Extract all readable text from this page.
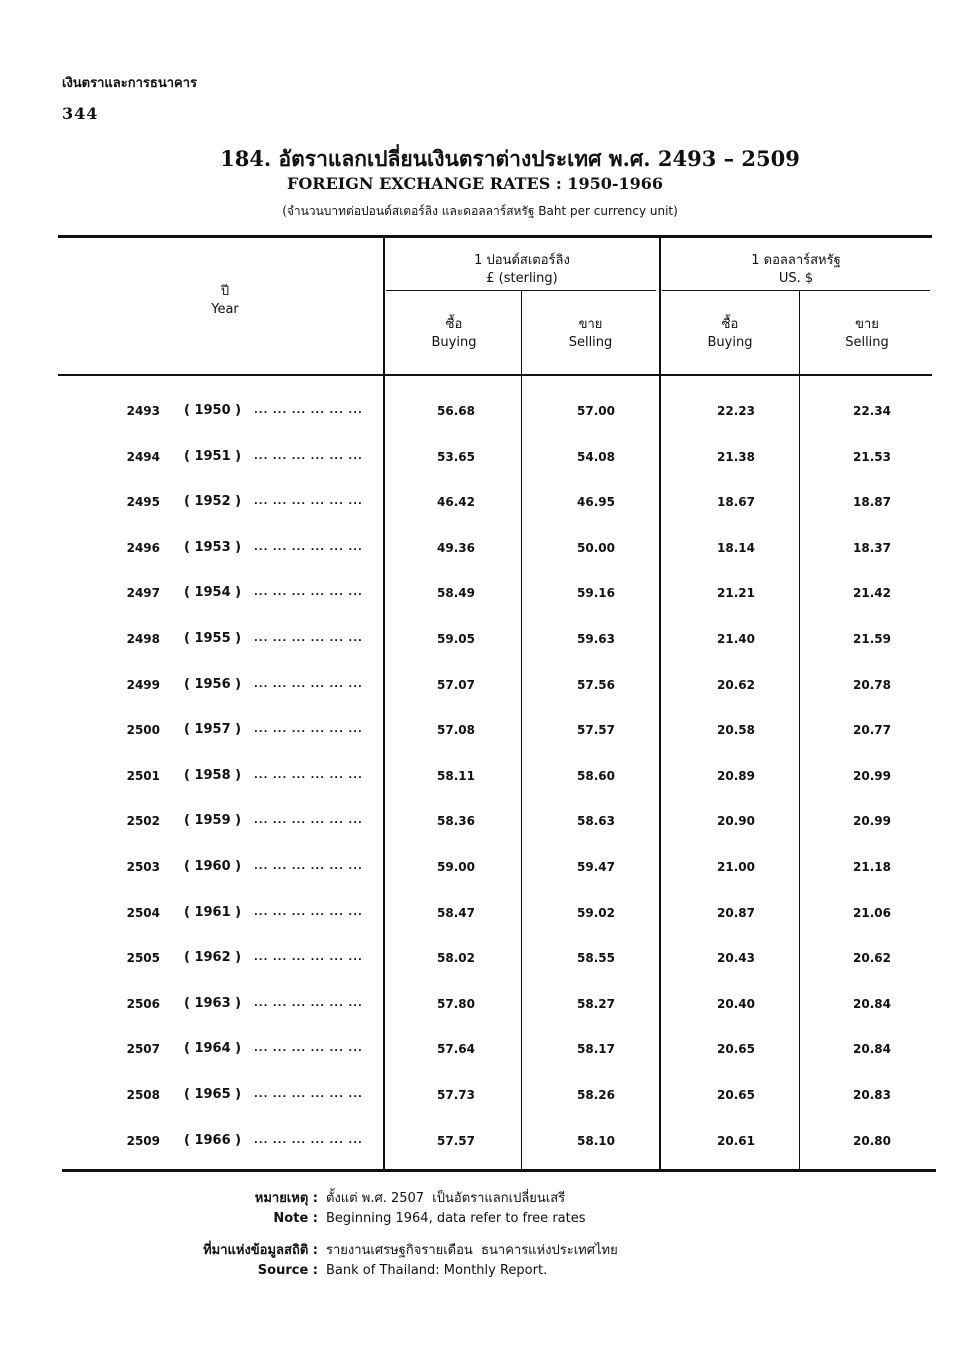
เงินตราและการธนาคาร
344
184. อัตราแลกเปลี่ยนเงินตราต่างประเทศ พ.ศ. 2493 – 2509
FOREIGN EXCHANGE RATES : 1950-1966
(จำนวนบาทต่อปอนด์สเตอร์ลิง และดอลลาร์สหรัฐ Baht per currency unit)
ปี
Year
1 ปอนด์สเตอร์ลิง
£ (sterling)
1 ดอลลาร์สหรัฐ
US. $
ซื้อ
Buying
ขาย
Selling
ซื้อ
Buying
ขาย
Selling
2493 ( 1950 ) ... ... ... ... ... ...	56.68	57.00	22.23	22.34
2494 ( 1951 ) ... ... ... ... ... ...	53.65	54.08	21.38	21.53
2495 ( 1952 ) ... ... ... ... ... ...	46.42	46.95	18.67	18.87
2496 ( 1953 ) ... ... ... ... ... ...	49.36	50.00	18.14	18.37
2497 ( 1954 ) ... ... ... ... ... ...	58.49	59.16	21.21	21.42
2498 ( 1955 ) ... ... ... ... ... ...	59.05	59.63	21.40	21.59
2499 ( 1956 ) ... ... ... ... ... ...	57.07	57.56	20.62	20.78
2500 ( 1957 ) ... ... ... ... ... ...	57.08	57.57	20.58	20.77
2501 ( 1958 ) ... ... ... ... ... ...	58.11	58.60	20.89	20.99
2502 ( 1959 ) ... ... ... ... ... ...	58.36	58.63	20.90	20.99
2503 ( 1960 ) ... ... ... ... ... ...	59.00	59.47	21.00	21.18
2504 ( 1961 ) ... ... ... ... ... ...	58.47	59.02	20.87	21.06
2505 ( 1962 ) ... ... ... ... ... ...	58.02	58.55	20.43	20.62
2506 ( 1963 ) ... ... ... ... ... ...	57.80	58.27	20.40	20.84
2507 ( 1964 ) ... ... ... ... ... ...	57.64	58.17	20.65	20.84
2508 ( 1965 ) ... ... ... ... ... ...	57.73	58.26	20.65	20.83
2509 ( 1966 ) ... ... ... ... ... ...	57.57	58.10	20.61	20.80
หมายเหตุ : ตั้งแต่ พ.ศ. 2507  เป็นอัตราแลกเปลี่ยนเสรี
Note : Beginning 1964, data refer to free rates
ที่มาแห่งข้อมูลสถิติ : รายงานเศรษฐกิจรายเดือน  ธนาคารแห่งประเทศไทย
Source : Bank of Thailand: Monthly Report.
